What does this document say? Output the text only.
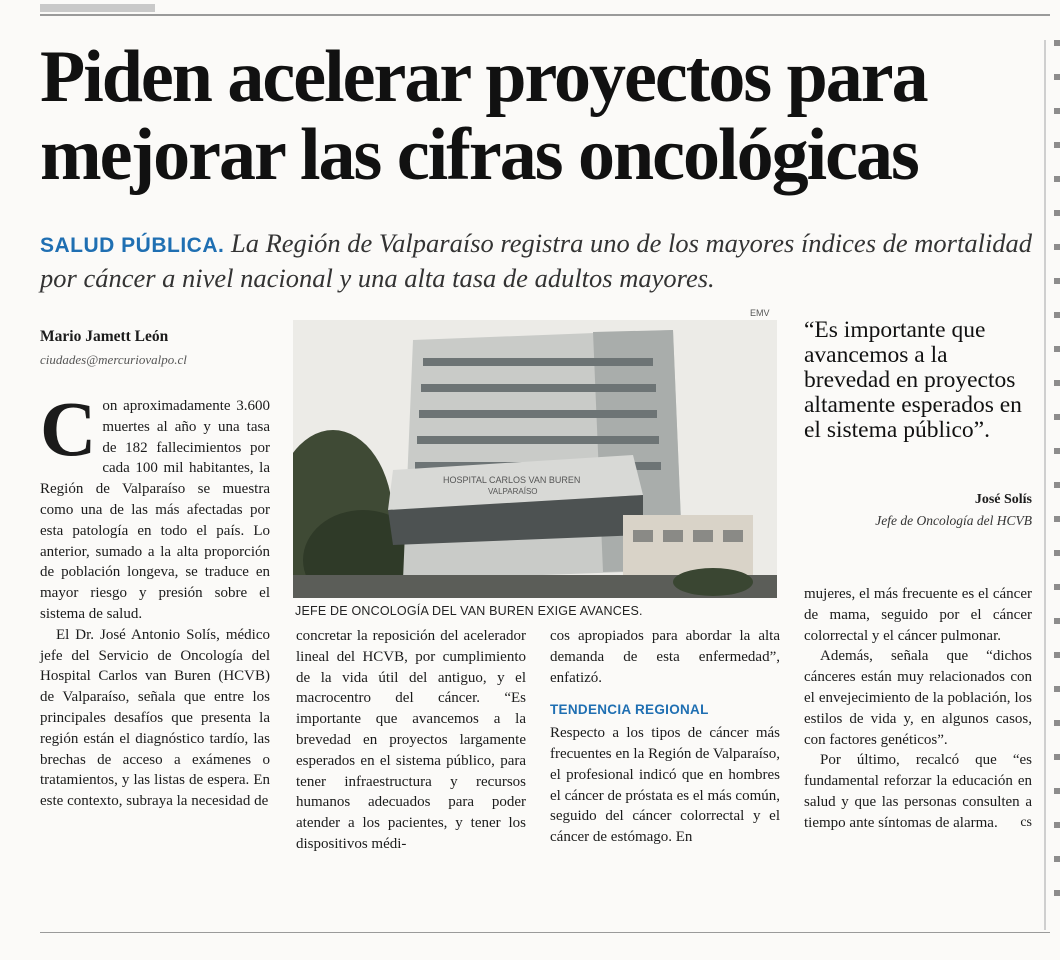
Piden acelerar proyectos para mejorar las cifras oncológicas

SALUD PÚBLICA. La Región de Valparaíso registra uno de los mayores índices de mortalidad por cáncer a nivel nacional y una alta tasa de adultos mayores.

Mario Jamett León
ciudades@mercuriovalpo.cl

Con aproximadamente 3.600 muertes al año y una tasa de 182 fallecimientos por cada 100 mil habitantes, la Región de Valparaíso se muestra como una de las más afectadas por esta patología en todo el país. Lo anterior, sumado a la alta proporción de población longeva, se traduce en mayor riesgo y presión sobre el sistema de salud.

El Dr. José Antonio Solís, médico jefe del Servicio de Oncología del Hospital Carlos van Buren (HCVB) de Valparaíso, señala que entre los principales desafíos que presenta la región están el diagnóstico tardío, las brechas de acceso a exámenes o tratamientos, y las listas de espera. En este contexto, subraya la necesidad de

EMV
HOSPITAL CARLOS VAN BUREN
VALPARAÍSO
JEFE DE ONCOLOGÍA DEL VAN BUREN EXIGE AVANCES.

“Es importante que avancemos a la brevedad en proyectos altamente esperados en el sistema público”.

José Solís
Jefe de Oncología del HCVB

concretar la reposición del acelerador lineal del HCVB, por cumplimiento de la vida útil del antiguo, y el macrocentro del cáncer. “Es importante que avancemos a la brevedad en proyectos largamente esperados en el sistema público, para tener infraestructura y recursos humanos adecuados para poder atender a los pacientes, y tener los dispositivos médi-

cos apropiados para abordar la alta demanda de esta enfermedad”, enfatizó.

TENDENCIA REGIONAL

Respecto a los tipos de cáncer más frecuentes en la Región de Valparaíso, el profesional indicó que en hombres el cáncer de próstata es el más común, seguido del cáncer colorrectal y el cáncer de estómago. En

mujeres, el más frecuente es el cáncer de mama, seguido por el cáncer colorrectal y el cáncer pulmonar.

Además, señala que “dichos cánceres están muy relacionados con el envejecimiento de la población, los estilos de vida y, en algunos casos, con factores genéticos”.

Por último, recalcó que “es fundamental reforzar la educación en salud y que las personas consulten a tiempo ante síntomas de alarma.	cs
